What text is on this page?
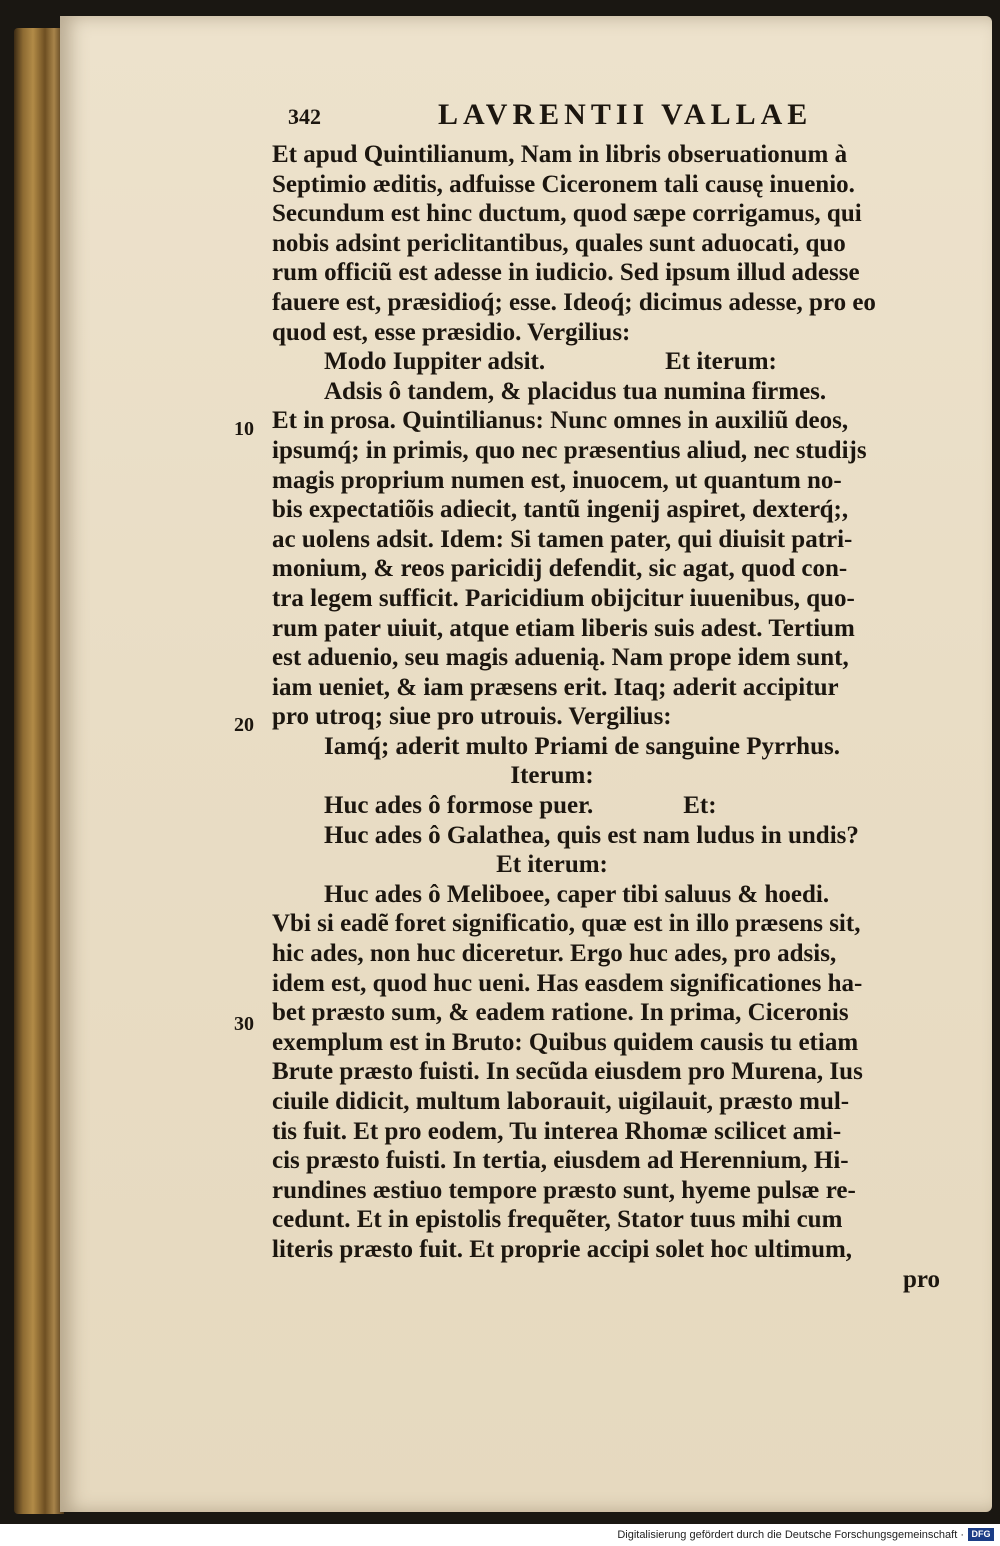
342	LAVRENTII VALLAE
10
20
30
Et apud Quintilianum, Nam in libris obseruationum à
Septimio æditis, adfuisse Ciceronem tali causę inuenio.
Secundum est hinc ductum, quod sæpe corrigamus, qui
nobis adsint periclitantibus, quales sunt aduocati, quo
rum officiũ est adesse in iudicio. Sed ipsum illud adesse
fauere est, præsidioq́; esse. Ideoq́; dicimus adesse, pro eo
quod est, esse præsidio. Vergilius:
Modo Iuppiter adsit.	Et iterum:
Adsis ô tandem, & placidus tua numina firmes.
Et in prosa. Quintilianus: Nunc omnes in auxiliũ deos,
ipsumq́; in primis, quo nec præsentius aliud, nec studijs
magis proprium numen est, inuocem, ut quantum no-
bis expectatiõis adiecit, tantũ ingenij aspiret, dexterq́;,
ac uolens adsit. Idem: Si tamen pater, qui diuisit patri-
monium, & reos paricidij defendit, sic agat, quod con-
tra legem sufficit. Paricidium obijcitur iuuenibus, quo-
rum pater uiuit, atque etiam liberis suis adest. Tertium
est aduenio, seu magis aduenią. Nam prope idem sunt,
iam ueniet, & iam præsens erit. Itaq; aderit accipitur
pro utroq; siue pro utrouis. Vergilius:
Iamq́; aderit multo Priami de sanguine Pyrrhus.
Iterum:
Huc ades ô formose puer.	Et:
Huc ades ô Galathea, quis est nam ludus in undis?
Et iterum:
Huc ades ô Meliboee, caper tibi saluus & hoedi.
Vbi si eadẽ foret significatio, quæ est in illo præsens sit,
hic ades, non huc diceretur. Ergo huc ades, pro adsis,
idem est, quod huc ueni. Has easdem significationes ha-
bet præsto sum, & eadem ratione. In prima, Ciceronis
exemplum est in Bruto: Quibus quidem causis tu etiam
Brute præsto fuisti. In secũda eiusdem pro Murena, Ius
ciuile didicit, multum laborauit, uigilauit, præsto mul-
tis fuit. Et pro eodem, Tu interea Rhomæ scilicet ami-
cis præsto fuisti. In tertia, eiusdem ad Herennium, Hi-
rundines æstiuo tempore præsto sunt, hyeme pulsæ re-
cedunt. Et in epistolis frequẽter, Stator tuus mihi cum
literis præsto fuit. Et proprie accipi solet hoc ultimum,
pro
Digitalisierung gefördert durch die Deutsche Forschungsgemeinschaft · DFG
